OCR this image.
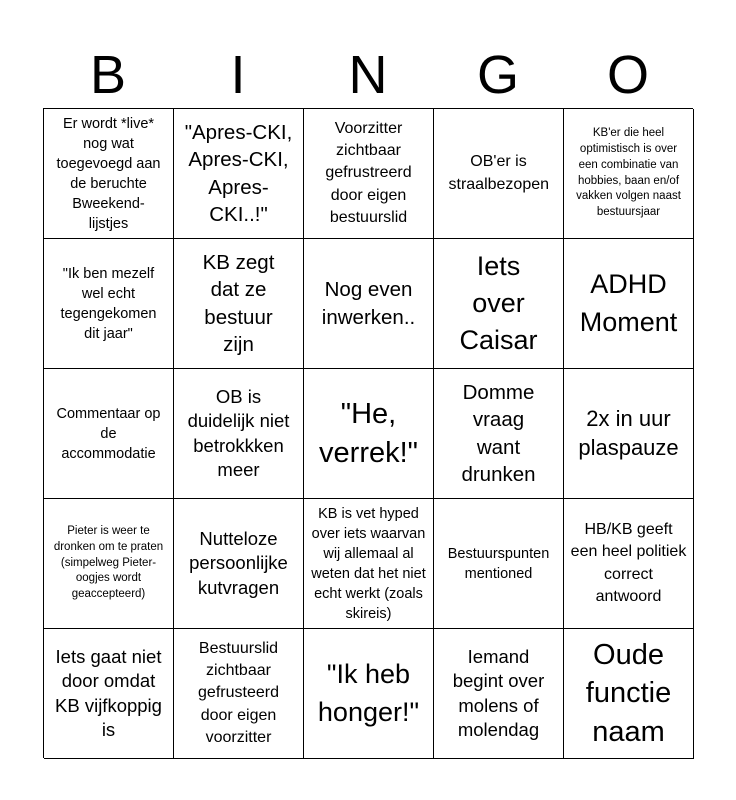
B	I	N	G	O
Er wordt *live* nog wat toegevoegd aan de beruchte Bweekend-lijstjes
"Apres-CKI, Apres-CKI, Apres-CKI..!"
Voorzitter zichtbaar gefrustreerd door eigen bestuurslid
OB'er is straalbezopen
KB'er die heel optimistisch is over een combinatie van hobbies, baan en/of vakken volgen naast bestuursjaar
"Ik ben mezelf wel echt tegengekomen dit jaar"
KB zegt dat ze bestuur zijn
Nog even inwerken..
Iets over Caisar
ADHD Moment
Commentaar op de accommodatie
OB is duidelijk niet betrokkken meer
"He, verrek!"
Domme vraag want drunken
2x in uur plaspauze
Pieter is weer te dronken om te praten (simpelweg Pieter-oogjes wordt geaccepteerd)
Nutteloze persoonlijke kutvragen
KB is vet hyped over iets waarvan wij allemaal al weten dat het niet echt werkt (zoals skireis)
Bestuurspunten mentioned
HB/KB geeft een heel politiek correct antwoord
Iets gaat niet door omdat KB vijfkoppig is
Bestuurslid zichtbaar gefrusteerd door eigen voorzitter
"Ik heb honger!"
Iemand begint over molens of molendag
Oude functie naam
